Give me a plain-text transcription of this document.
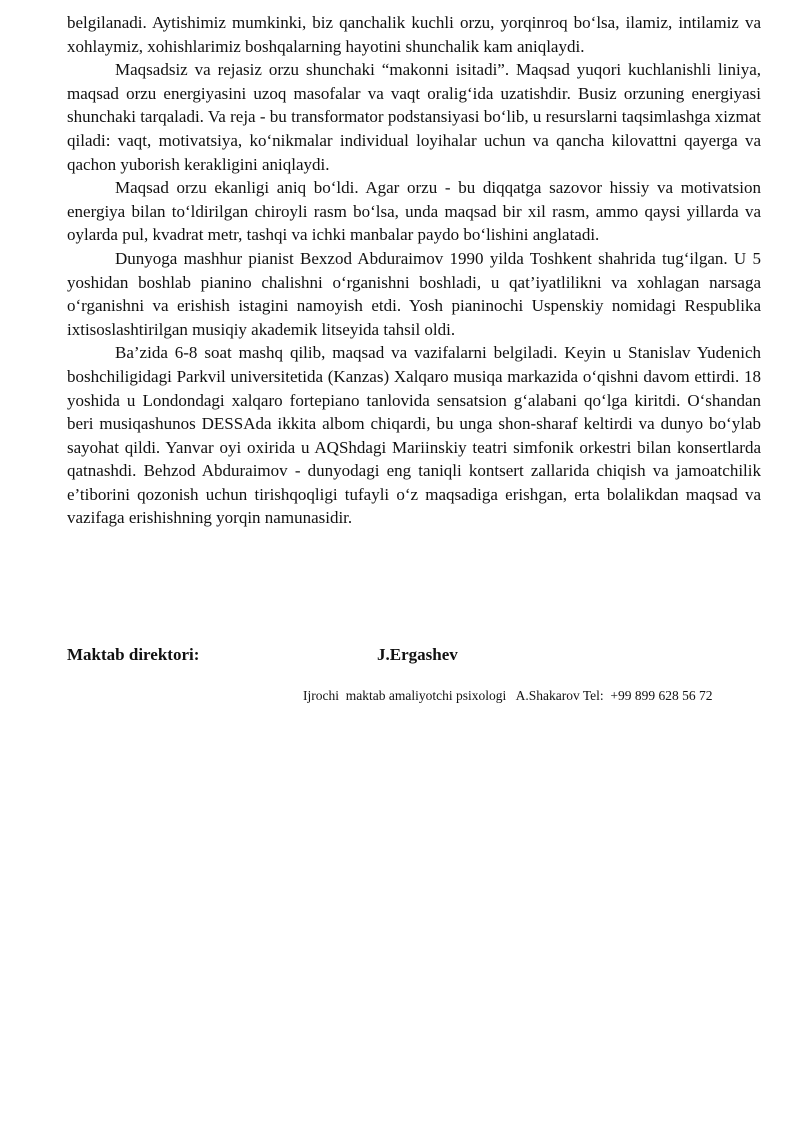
belgilanadi. Aytishimiz mumkinki, biz qanchalik kuchli orzu, yorqinroq bo‘lsa, ilamiz, intilamiz va xohlaymiz, xohishlarimiz boshqalarning hayotini shunchalik kam aniqlaydi.

Maqsadsiz va rejasiz orzu shunchaki “makonni isitadi”. Maqsad yuqori kuchlanishli liniya, maqsad orzu energiyasini uzoq masofalar va vaqt oralig‘ida uzatishdir. Busiz orzuning energiyasi shunchaki tarqaladi. Va reja - bu transformator podstansiyasi bo‘lib, u resurslarni taqsimlashga xizmat qiladi: vaqt, motivatsiya, ko‘nikmalar individual loyihalar uchun va qancha kilovattni qayerga va qachon yuborish kerakligini aniqlaydi.

Maqsad orzu ekanligi aniq bo‘ldi. Agar orzu - bu diqqatga sazovor hissiy va motivatsion energiya bilan to‘ldirilgan chiroyli rasm bo‘lsa, unda maqsad bir xil rasm, ammo qaysi yillarda va oylarda pul, kvadrat metr, tashqi va ichki manbalar paydo bo‘lishini anglatadi.

Dunyoga mashhur pianist Bexzod Abduraimov 1990 yilda Toshkent shahrida tug‘ilgan. U 5 yoshidan boshlab pianino chalishni o‘rganishni boshladi, u qat’iyatlilikni va xohlagan narsaga o‘rganishni va erishish istagini namoyish etdi. Yosh pianinochi Uspenskiy nomidagi Respublika ixtisoslashtirilgan musiqiy akademik litseyida tahsil oldi.

Ba’zida 6-8 soat mashq qilib, maqsad va vazifalarni belgiladi. Keyin u Stanislav Yudenich boshchiligidagi Parkvil universitetida (Kanzas) Xalqaro musiqa markazida o‘qishni davom ettirdi. 18 yoshida u Londondagi xalqaro fortepiano tanlovida sensatsion g‘alabani qo‘lga kiritdi. O‘shandan beri musiqashunos DESSAda ikkita albom chiqardi, bu unga shon-sharaf keltirdi va dunyo bo‘ylab sayohat qildi. Yanvar oyi oxirida u AQShdagi Mariinskiy teatri simfonik orkestri bilan konsertlarda qatnashdi. Behzod Abduraimov - dunyodagi eng taniqli kontsert zallarida chiqish va jamoatchilik e’tiborini qozonish uchun tirishqoqligi tufayli o‘z maqsadiga erishgan, erta bolalikdan maqsad va vazifaga erishishning yorqin namunasidir.

Maktab direktori:	J.Ergashev
Ijrochi  maktab amaliyotchi psixologi   A.Shakarov Tel:  +99 899 628 56 72
